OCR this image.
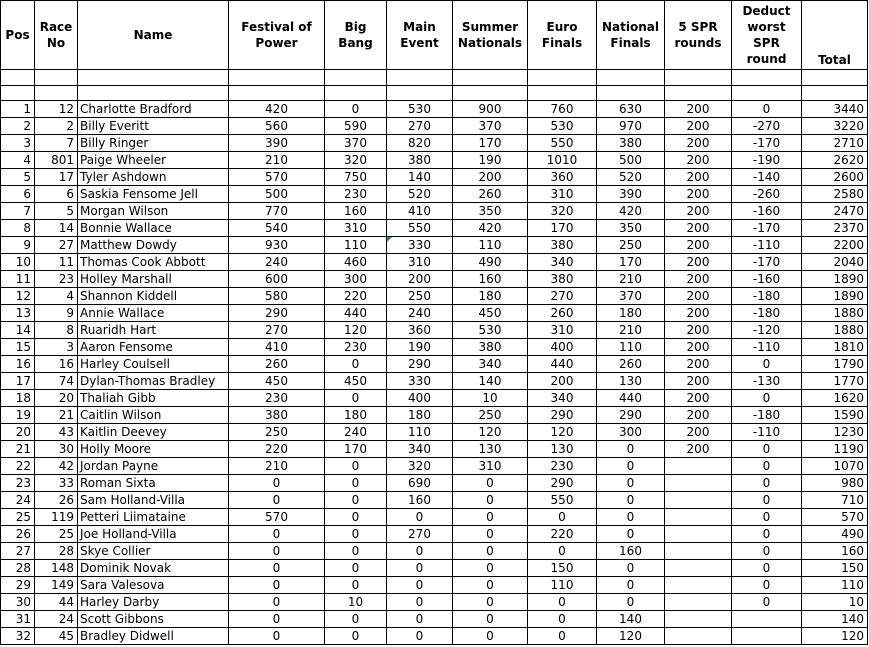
Pos	Race No	Name	Festival of Power	Big Bang	Main Event	Summer Nationals	Euro Finals	National Finals	5 SPR rounds	Deduct worst SPR round	Total

1	12	Charlotte Bradford	420	0	530	900	760	630	200	0	3440
2	2	Billy Everitt	560	590	270	370	530	970	200	-270	3220
3	7	Billy Ringer	390	370	820	170	550	380	200	-170	2710
4	801	Paige Wheeler	210	320	380	190	1010	500	200	-190	2620
5	17	Tyler Ashdown	570	750	140	200	360	520	200	-140	2600
6	6	Saskia Fensome Jell	500	230	520	260	310	390	200	-260	2580
7	5	Morgan Wilson	770	160	410	350	320	420	200	-160	2470
8	14	Bonnie Wallace	540	310	550	420	170	350	200	-170	2370
9	27	Matthew Dowdy	930	110	330	110	380	250	200	-110	2200
10	11	Thomas Cook Abbott	240	460	310	490	340	170	200	-170	2040
11	23	Holley Marshall	600	300	200	160	380	210	200	-160	1890
12	4	Shannon Kiddell	580	220	250	180	270	370	200	-180	1890
13	9	Annie Wallace	290	440	240	450	260	180	200	-180	1880
14	8	Ruaridh Hart	270	120	360	530	310	210	200	-120	1880
15	3	Aaron Fensome	410	230	190	380	400	110	200	-110	1810
16	16	Harley Coulsell	260	0	290	340	440	260	200	0	1790
17	74	Dylan-Thomas Bradley	450	450	330	140	200	130	200	-130	1770
18	20	Thaliah Gibb	230	0	400	10	340	440	200	0	1620
19	21	Caitlin Wilson	380	180	180	250	290	290	200	-180	1590
20	43	Kaitlin Deevey	250	240	110	120	120	300	200	-110	1230
21	30	Holly Moore	220	170	340	130	130	0	200	0	1190
22	42	Jordan Payne	210	0	320	310	230	0		0	1070
23	33	Roman Sixta	0	0	690	0	290	0		0	980
24	26	Sam Holland-Villa	0	0	160	0	550	0		0	710
25	119	Petteri Liimataine	570	0	0	0	0	0		0	570
26	25	Joe Holland-Villa	0	0	270	0	220	0		0	490
27	28	Skye Collier	0	0	0	0	0	160		0	160
28	148	Dominik Novak	0	0	0	0	150	0		0	150
29	149	Sara Valesova	0	0	0	0	110	0		0	110
30	44	Harley Darby	0	10	0	0	0	0		0	10
31	24	Scott Gibbons	0	0	0	0	0	140			140
32	45	Bradley Didwell	0	0	0	0	0	120			120
